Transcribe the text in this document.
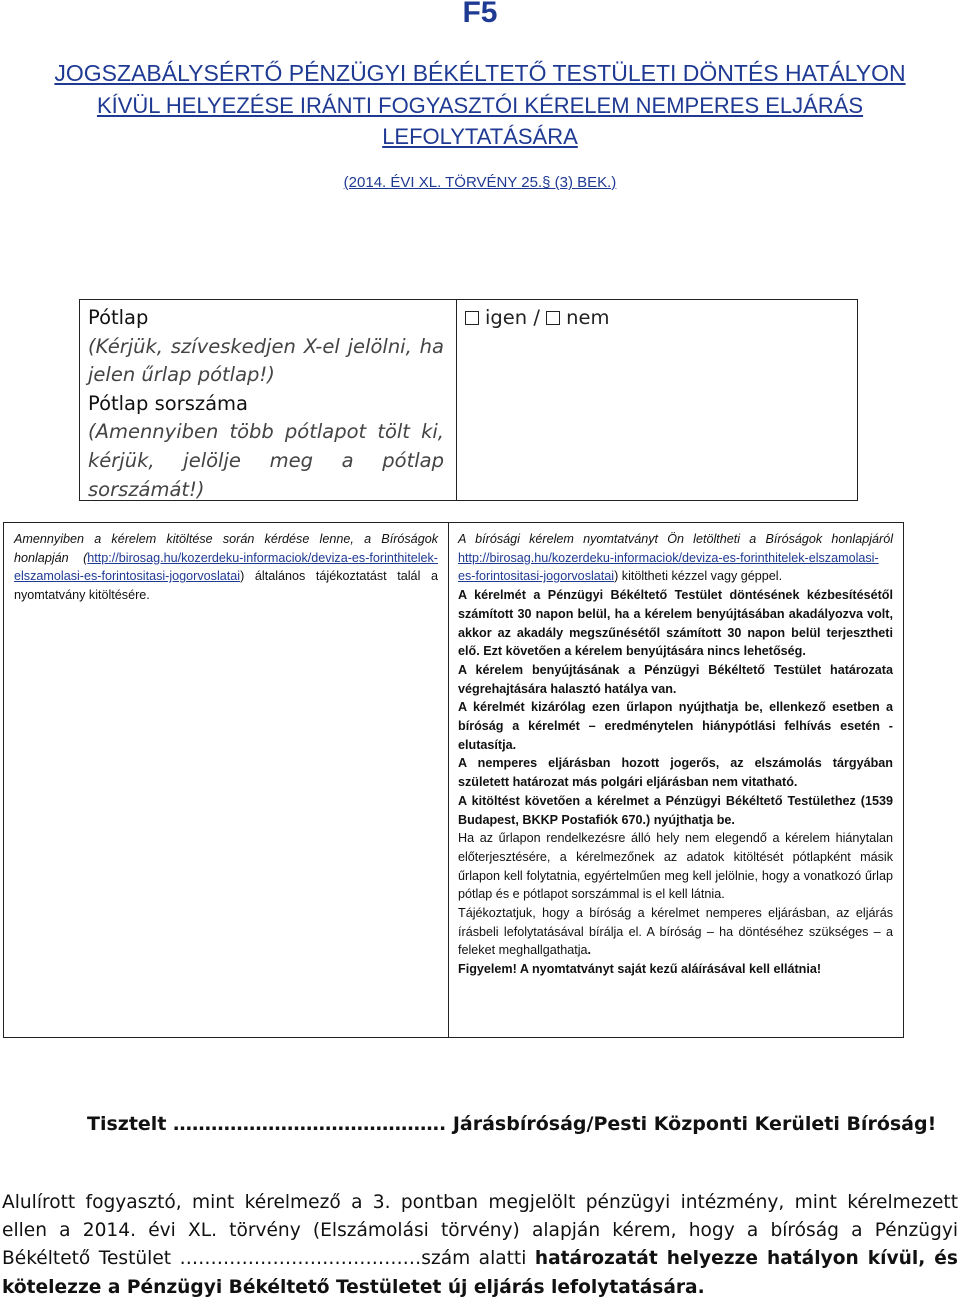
F5
JOGSZABÁLYSÉRTŐ PÉNZÜGYI BÉKÉLTETŐ TESTÜLETI DÖNTÉS HATÁLYON
KÍVÜL HELYEZÉSE IRÁNTI FOGYASZTÓI KÉRELEM NEMPERES ELJÁRÁS
LEFOLYTATÁSÁRA
(2014. ÉVI XL. TÖRVÉNY 25.§ (3) BEK.)
Pótlap
(Kérjük, szíveskedjen X-el jelölni, ha jelen űrlap pótlap!)
Pótlap sorszáma
(Amennyiben több pótlapot tölt ki, kérjük, jelölje meg a pótlap sorszámát!)
igen / nem

Amennyiben a kérelem kitöltése során kérdése lenne, a Bíróságok honlapján (http://birosag.hu/kozerdeku-informaciok/deviza-es-forinthitelek-elszamolasi-es-forintositasi-jogorvoslatai) általános tájékoztatást talál a nyomtatvány kitöltésére.

A bírósági kérelem nyomtatványt Ön letöltheti a Bíróságok honlapjáról http://birosag.hu/kozerdeku-informaciok/deviza-es-forinthitelek-elszamolasi-es-forintositasi-jogorvoslatai) kitöltheti kézzel vagy géppel.

A kérelmét a Pénzügyi Békéltető Testület döntésének kézbesítésétől számított 30 napon belül, ha a kérelem benyújtásában akadályozva volt, akkor az akadály megszűnésétől számított 30 napon belül terjesztheti elő. Ezt követően a kérelem benyújtására nincs lehetőség.

A kérelem benyújtásának a Pénzügyi Békéltető Testület határozata végrehajtására halasztó hatálya van.

A kérelmét kizárólag ezen űrlapon nyújthatja be, ellenkező esetben a bíróság a kérelmét – eredménytelen hiánypótlási felhívás esetén - elutasítja.

A nemperes eljárásban hozott jogerős, az elszámolás tárgyában született határozat más polgári eljárásban nem vitatható.

A kitöltést követően a kérelmet a Pénzügyi Békéltető Testülethez (1539 Budapest, BKKP Postafiók 670.) nyújthatja be.

Ha az űrlapon rendelkezésre álló hely nem elegendő a kérelem hiánytalan előterjesztésére, a kérelmezőnek az adatok kitöltését pótlapként másik űrlapon kell folytatnia, egyértelműen meg kell jelölnie, hogy a vonatkozó űrlap pótlap és e pótlapot sorszámmal is el kell látnia.

Tájékoztatjuk, hogy a bíróság a kérelmet nemperes eljárásban, az eljárás írásbeli lefolytatásával bírálja el. A bíróság – ha döntéséhez szükséges – a feleket meghallgathatja.

Figyelem! A nyomtatványt saját kezű aláírásával kell ellátnia!

Tisztelt ……………………………………. Járásbíróság/Pesti Központi Kerületi Bíróság!
Alulírott fogyasztó, mint kérelmező a 3. pontban megjelölt pénzügyi intézmény, mint kérelmezett ellen a 2014. évi XL. törvény (Elszámolási törvény) alapján kérem, hogy a bíróság a Pénzügyi Békéltető Testület …………………………………szám alatti határozatát helyezze hatályon kívül, és kötelezze a Pénzügyi Békéltető Testületet új eljárás lefolytatására.
